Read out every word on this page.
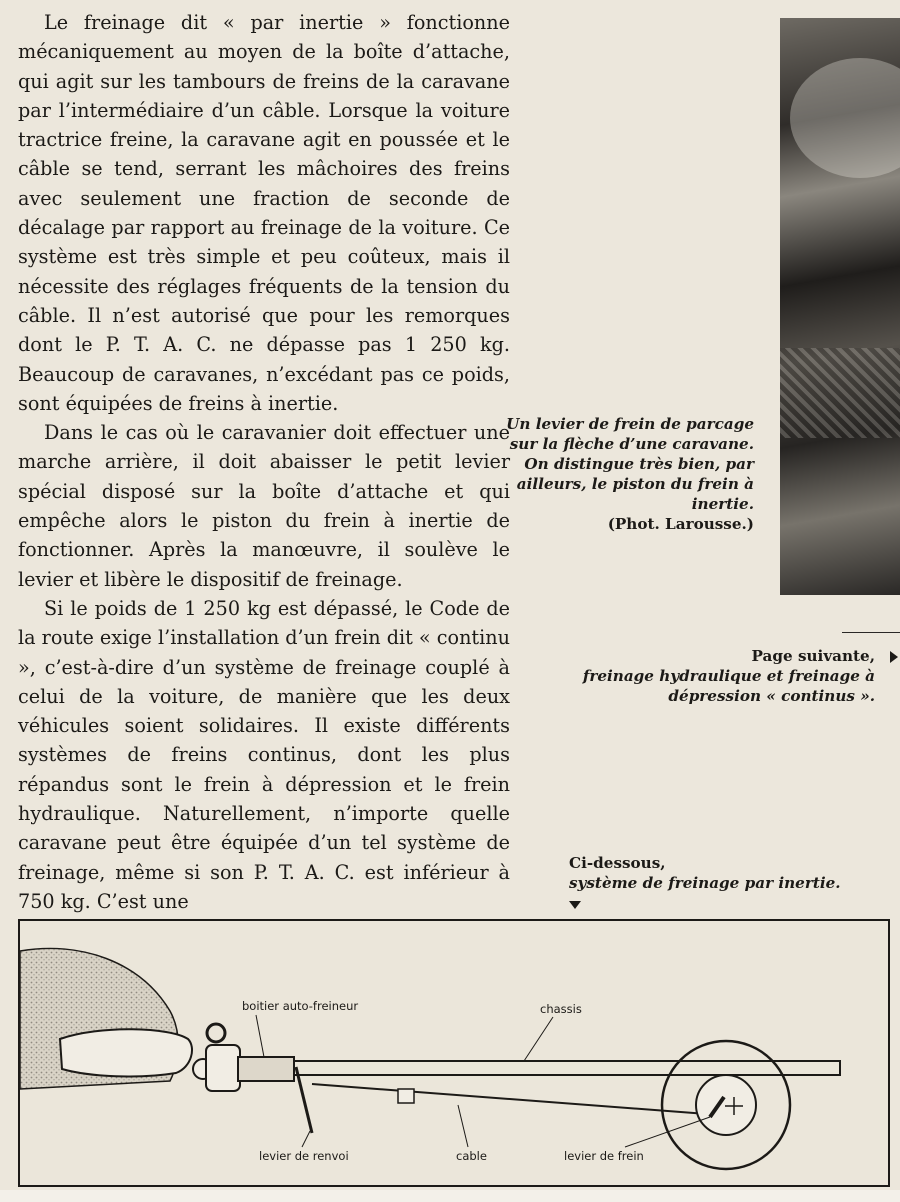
Le freinage dit « par inertie » fonctionne mécaniquement au moyen de la boîte d’attache, qui agit sur les tambours de freins de la caravane par l’intermédiaire d’un câble. Lorsque la voiture tractrice freine, la caravane agit en poussée et le câble se tend, serrant les mâchoires des freins avec seulement une fraction de seconde de décalage par rapport au freinage de la voiture. Ce système est très simple et peu coûteux, mais il nécessite des réglages fréquents de la tension du câble. Il n’est autorisé que pour les remorques dont le P. T. A. C. ne dépasse pas 1 250 kg. Beaucoup de caravanes, n’excédant pas ce poids, sont équipées de freins à inertie.

Dans le cas où le caravanier doit effectuer une marche arrière, il doit abaisser le petit levier spécial disposé sur la boîte d’attache et qui empêche alors le piston du frein à inertie de fonctionner. Après la manœuvre, il soulève le levier et libère le dispositif de freinage.

Si le poids de 1 250 kg est dépassé, le Code de la route exige l’installation d’un frein dit « continu », c’est-à-dire d’un système de freinage couplé à celui de la voiture, de manière que les deux véhicules soient solidaires. Il existe différents systèmes de freins continus, dont les plus répandus sont le frein à dépression et le frein hydraulique. Naturellement, n’importe quelle caravane peut être équipée d’un tel système de freinage, même si son P. T. A. C. est inférieur à 750 kg. C’est une

Un levier de frein de parcage sur la flèche d’une caravane. On distingue très bien, par ailleurs, le piston du frein à inertie.
(Phot. Larousse.)
Page suivante,
freinage hydraulique et freinage à dépression « continus ».
Ci-dessous,
système de freinage par inertie.
boitier auto-freineur	chassis
levier de renvoi	cable	levier de frein
